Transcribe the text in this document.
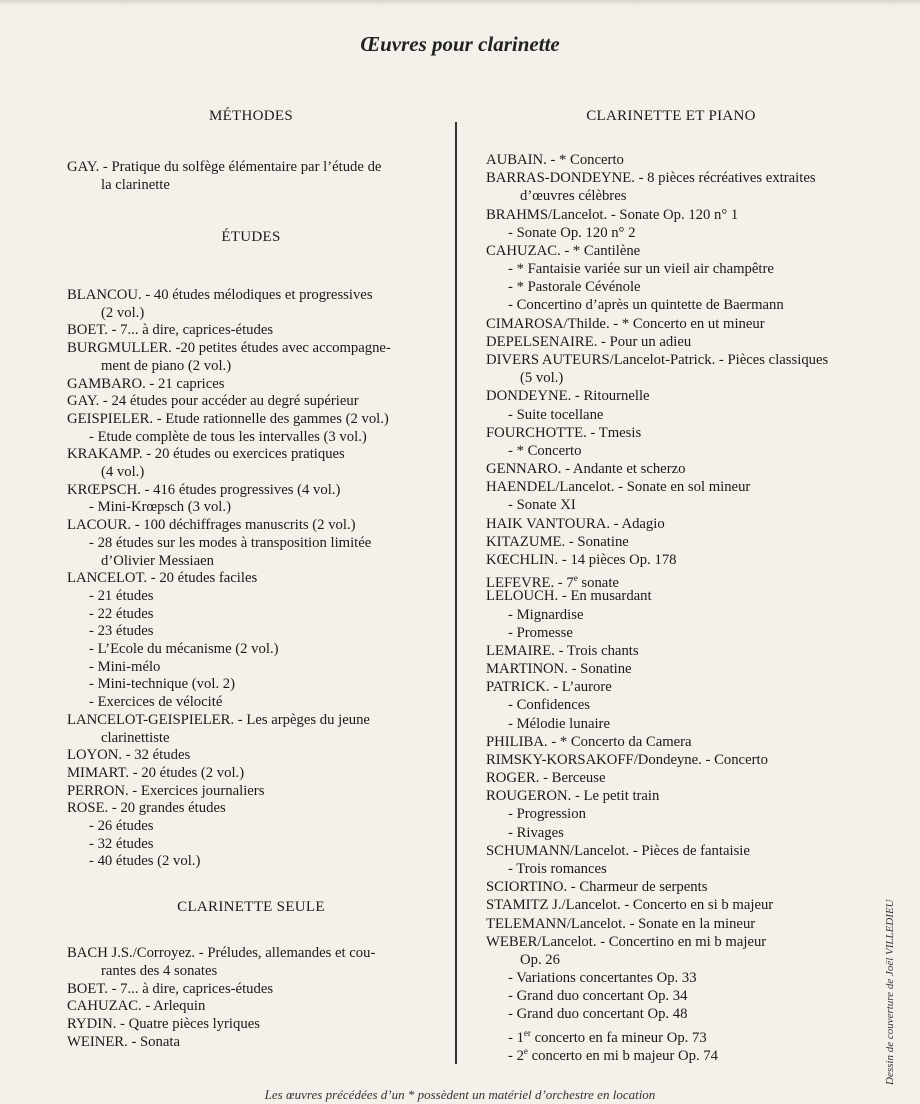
Œuvres pour clarinette
MÉTHODES
GAY. - Pratique du solfège élémentaire par l’étude de
la clarinette
ÉTUDES
BLANCOU. - 40 études mélodiques et progressives
(2 vol.)
BOET. - 7... à dire, caprices-études
BURGMULLER. -20 petites études avec accompagne-
ment de piano (2 vol.)
GAMBARO. - 21 caprices
GAY. - 24 études pour accéder au degré supérieur
GEISPIELER. - Etude rationnelle des gammes (2 vol.)
- Etude complète de tous les intervalles (3 vol.)
KRAKAMP. - 20 études ou exercices pratiques
(4 vol.)
KRŒPSCH. - 416 études progressives (4 vol.)
- Mini-Krœpsch (3 vol.)
LACOUR. - 100 déchiffrages manuscrits (2 vol.)
- 28 études sur les modes à transposition limitée
d’Olivier Messiaen
LANCELOT. - 20 études faciles
- 21 études
- 22 études
- 23 études
- L’Ecole du mécanisme (2 vol.)
- Mini-mélo
- Mini-technique (vol. 2)
- Exercices de vélocité
LANCELOT-GEISPIELER. - Les arpèges du jeune
clarinettiste
LOYON. - 32 études
MIMART. - 20 études (2 vol.)
PERRON. - Exercices journaliers
ROSE. - 20 grandes études
- 26 études
- 32 études
- 40 études (2 vol.)
CLARINETTE SEULE
BACH J.S./Corroyez. - Préludes, allemandes et cou-
rantes des 4 sonates
BOET. - 7... à dire, caprices-études
CAHUZAC. - Arlequin
RYDIN. - Quatre pièces lyriques
WEINER. - Sonata
CLARINETTE ET PIANO
AUBAIN. - * Concerto
BARRAS-DONDEYNE. - 8 pièces récréatives extraites
d’œuvres célèbres
BRAHMS/Lancelot. - Sonate Op. 120 n° 1
- Sonate Op. 120 n° 2
CAHUZAC. - * Cantilène
- * Fantaisie variée sur un vieil air champêtre
- * Pastorale Cévénole
- Concertino d’après un quintette de Baermann
CIMAROSA/Thilde. - * Concerto en ut mineur
DEPELSENAIRE. - Pour un adieu
DIVERS AUTEURS/Lancelot-Patrick. - Pièces classiques
(5 vol.)
DONDEYNE. - Ritournelle
- Suite tocellane
FOURCHOTTE. - Tmesis
- * Concerto
GENNARO. - Andante et scherzo
HAENDEL/Lancelot. - Sonate en sol mineur
- Sonate XI
HAIK VANTOURA. - Adagio
KITAZUME. - Sonatine
KŒCHLIN. - 14 pièces Op. 178
LEFEVRE. - 7e sonate
LELOUCH. - En musardant
- Mignardise
- Promesse
LEMAIRE. - Trois chants
MARTINON. - Sonatine
PATRICK. - L’aurore
- Confidences
- Mélodie lunaire
PHILIBA. - * Concerto da Camera
RIMSKY-KORSAKOFF/Dondeyne. - Concerto
ROGER. - Berceuse
ROUGERON. - Le petit train
- Progression
- Rivages
SCHUMANN/Lancelot. - Pièces de fantaisie
- Trois romances
SCIORTINO. - Charmeur de serpents
STAMITZ J./Lancelot. - Concerto en si b majeur
TELEMANN/Lancelot. - Sonate en la mineur
WEBER/Lancelot. - Concertino en mi b majeur
Op. 26
- Variations concertantes Op. 33
- Grand duo concertant Op. 34
- Grand duo concertant Op. 48
- 1er concerto en fa mineur Op. 73
- 2e concerto en mi b majeur Op. 74
Les œuvres précédées d’un * possèdent un matériel d’orchestre en location
Dessin de couverture de Joël VILLEDIEU
